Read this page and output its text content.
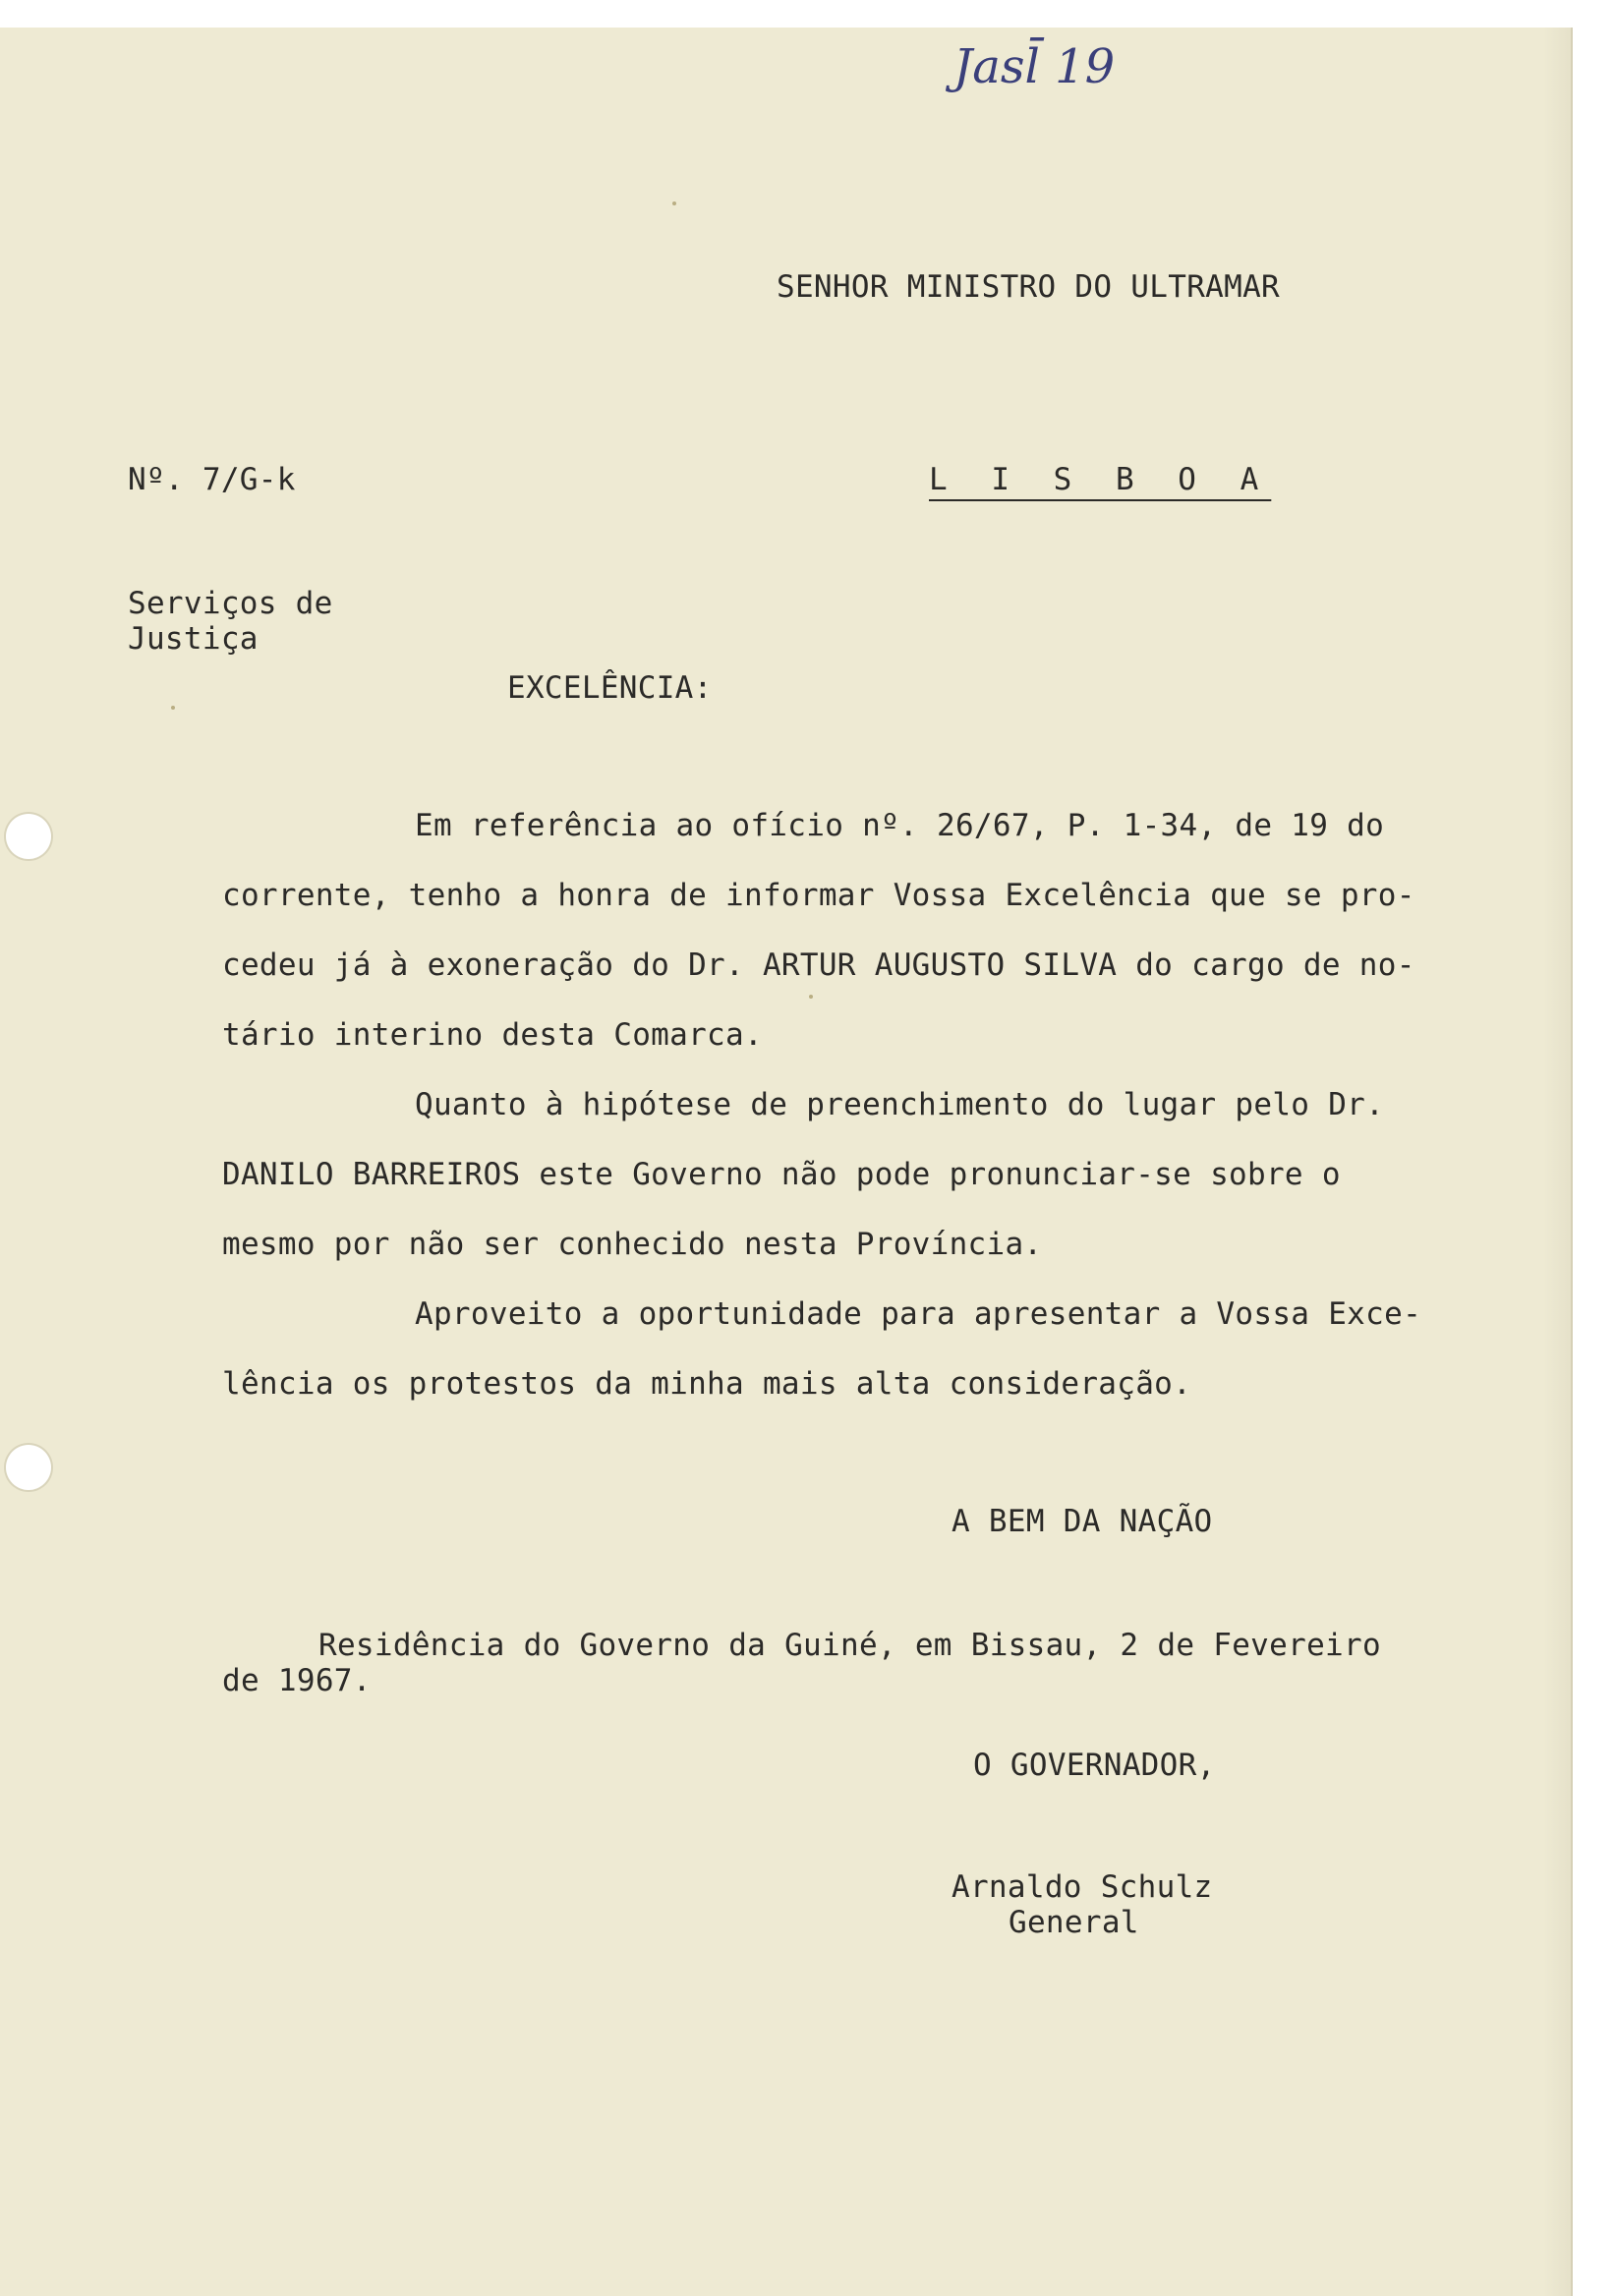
Jasl̄ 19
SENHOR MINISTRO DO ULTRAMAR
Nº. 7/G-k	L I S B O A
Serviços de
Justiça
EXCELÊNCIA:
Em referência ao ofício nº. 26/67, P. 1-34, de 19 do
corrente, tenho a honra de informar Vossa Excelência que se pro-
cedeu já à exoneração do Dr. ARTUR AUGUSTO SILVA do cargo de no-
tário interino desta Comarca.
Quanto à hipótese de preenchimento do lugar pelo Dr.
DANILO BARREIROS este Governo não pode pronunciar-se sobre o
mesmo por não ser conhecido nesta Província.
Aproveito a oportunidade para apresentar a Vossa Exce-
lência os protestos da minha mais alta consideração.
A BEM DA NAÇÃO
Residência do Governo da Guiné, em Bissau, 2 de Fevereiro
de 1967.
O GOVERNADOR,
Arnaldo Schulz
General
